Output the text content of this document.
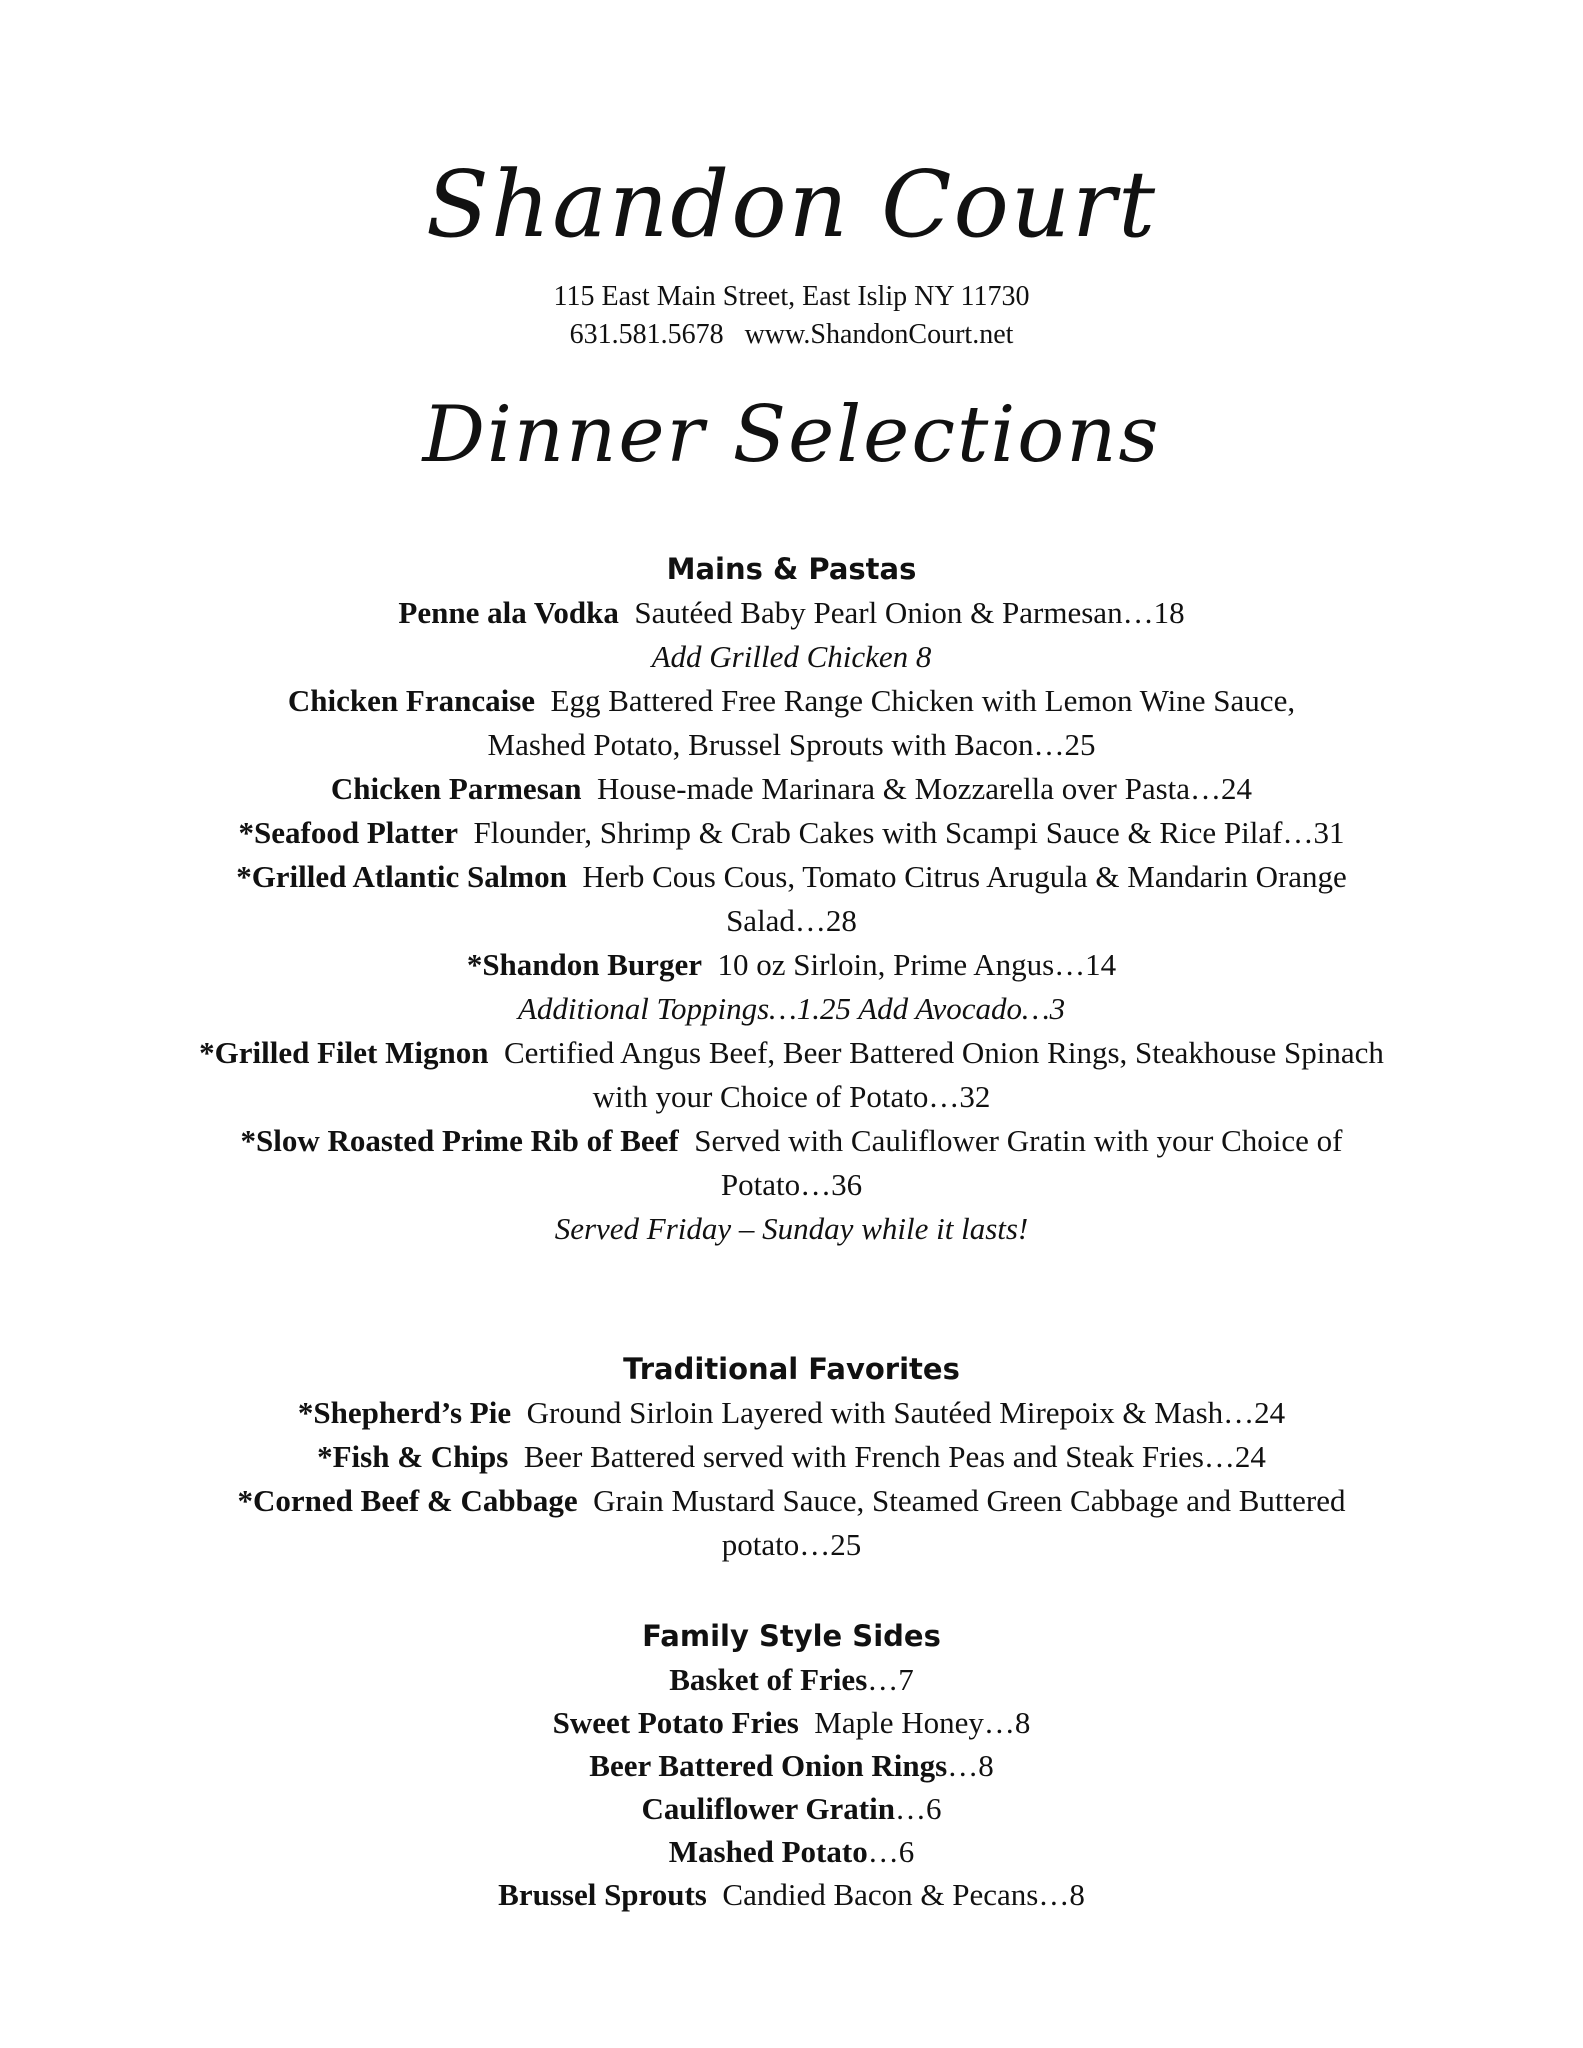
Shandon Court
115 East Main Street, East Islip NY 11730
631.581.5678 www.ShandonCourt.net
Dinner Selections
Mains & Pastas
Penne ala Vodka Sautéed Baby Pearl Onion & Parmesan…18
Add Grilled Chicken 8
Chicken Francaise Egg Battered Free Range Chicken with Lemon Wine Sauce,
Mashed Potato, Brussel Sprouts with Bacon…25
Chicken Parmesan House-made Marinara & Mozzarella over Pasta…24
*Seafood Platter Flounder, Shrimp & Crab Cakes with Scampi Sauce & Rice Pilaf…31
*Grilled Atlantic Salmon Herb Cous Cous, Tomato Citrus Arugula & Mandarin Orange
Salad…28
*Shandon Burger 10 oz Sirloin, Prime Angus…14
Additional Toppings…1.25 Add Avocado…3
*Grilled Filet Mignon Certified Angus Beef, Beer Battered Onion Rings, Steakhouse Spinach
with your Choice of Potato…32
*Slow Roasted Prime Rib of Beef Served with Cauliflower Gratin with your Choice of
Potato…36
Served Friday – Sunday while it lasts!
Traditional Favorites
*Shepherd’s Pie Ground Sirloin Layered with Sautéed Mirepoix & Mash…24
*Fish & Chips Beer Battered served with French Peas and Steak Fries…24
*Corned Beef & Cabbage Grain Mustard Sauce, Steamed Green Cabbage and Buttered
potato…25
Family Style Sides
Basket of Fries…7
Sweet Potato Fries Maple Honey…8
Beer Battered Onion Rings…8
Cauliflower Gratin…6
Mashed Potato…6
Brussel Sprouts Candied Bacon & Pecans…8
